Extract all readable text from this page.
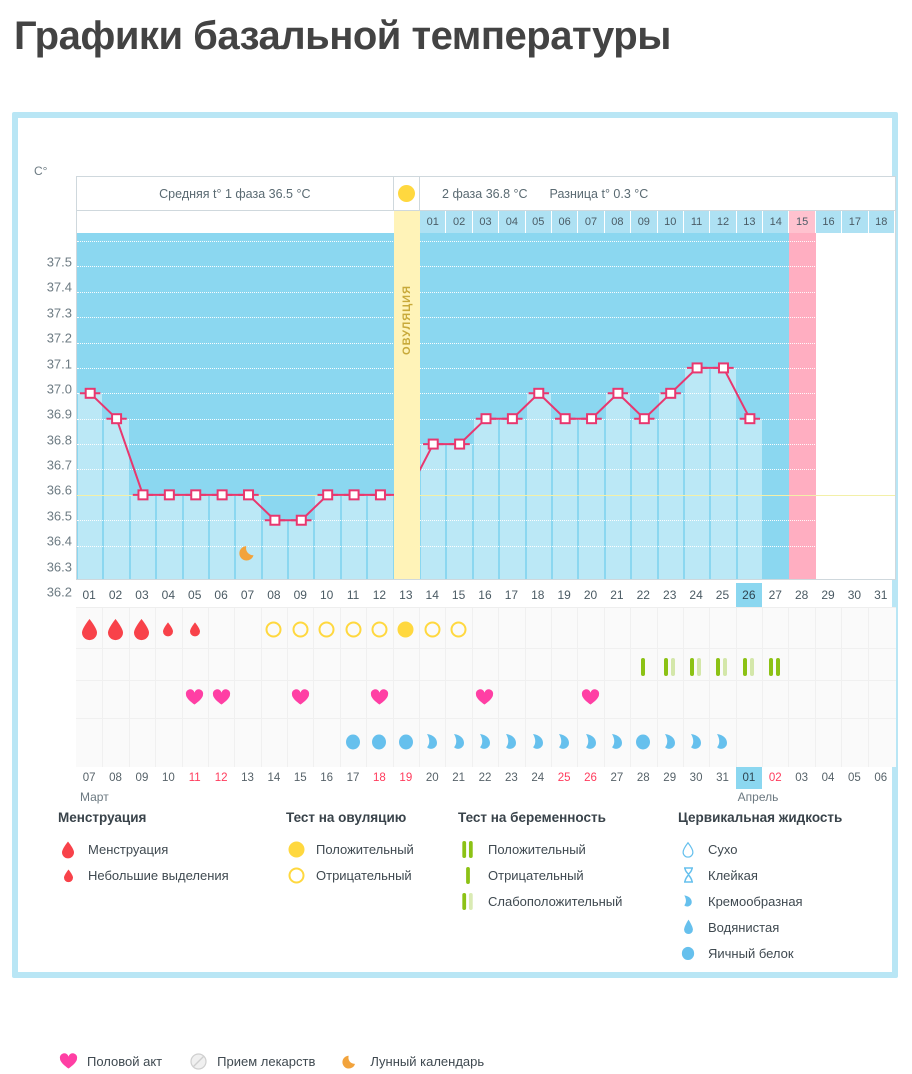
Графики базальной температуры
C°
37.5
37.4
37.3
37.2
37.1
37.0
36.9
36.8
36.7
36.6
36.5
36.4
36.3
36.2
Средняя t° 1 фаза 36.5 °C	2 фаза 36.8 °C Разница t° 0.3 °C
01	02	03	04	05	06	07	08	09	10	11	12	13	14	15	16	17	18
ОВУЛЯЦИЯ
01	02	03	04	05	06	07	08	09	10	11	12	13	14	15	16	17	18	19	20	21	22	23	24	25	26	27	28	29	30	31
07	08	09	10	11	12	13	14	15	16	17	18	19	20	21	22	23	24	25	26	27	28	29	30	31	01	02	03	04	05	06
Март	Апрель
Менструация
Менструация
Небольшие выделения
Тест на овуляцию
Положительный
Отрицательный
Тест на беременность
Положительный
Отрицательный
Слабоположительный
Цервикальная жидкость
Сухо
Клейкая
Кремообразная
Водянистая
Яичный белок
Половой акт	Прием лекарств	Лунный календарь
